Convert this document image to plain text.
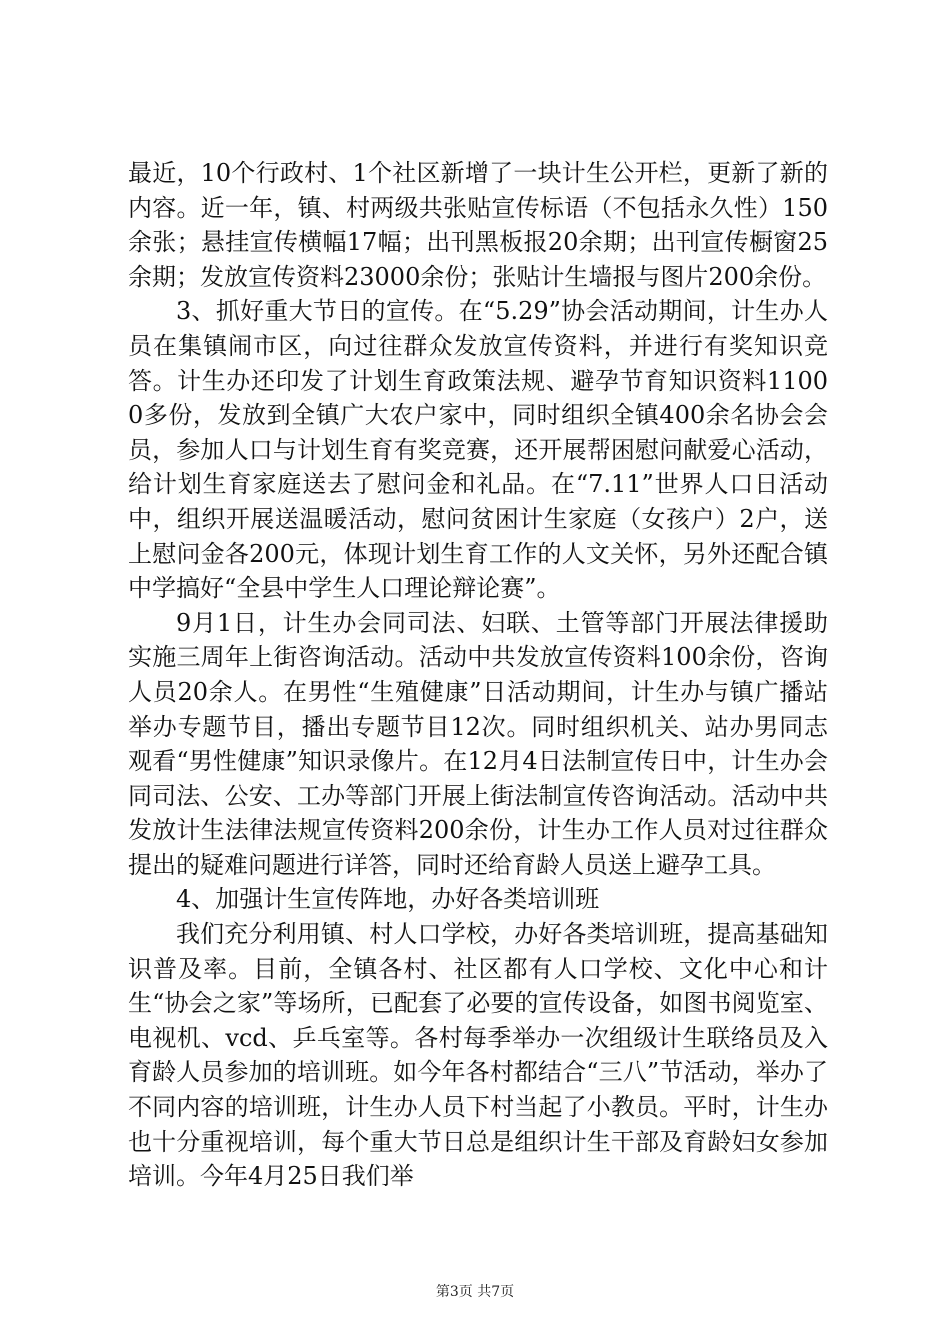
最近，10个行政村、1个社区新增了一块计生公开栏，更新了新的内容。近一年，镇、村两级共张贴宣传标语（不包括永久性）150余张；悬挂宣传横幅17幅；出刊黑板报20余期；出刊宣传橱窗25余期；发放宣传资料23000余份；张贴计生墙报与图片200余份。

3、抓好重大节日的宣传。在“5.29”协会活动期间，计生办人员在集镇闹市区，向过往群众发放宣传资料，并进行有奖知识竞答。计生办还印发了计划生育政策法规、避孕节育知识资料11000多份，发放到全镇广大农户家中，同时组织全镇400余名协会会员，参加人口与计划生育有奖竞赛，还开展帮困慰问献爱心活动，给计划生育家庭送去了慰问金和礼品。在“7.11”世界人口日活动中，组织开展送温暖活动，慰问贫困计生家庭（女孩户）2户，送上慰问金各200元，体现计划生育工作的人文关怀，另外还配合镇中学搞好“全县中学生人口理论辩论赛”。

9月1日，计生办会同司法、妇联、土管等部门开展法律援助实施三周年上街咨询活动。活动中共发放宣传资料100余份，咨询人员20余人。在男性“生殖健康”日活动期间，计生办与镇广播站举办专题节目，播出专题节目12次。同时组织机关、站办男同志观看“男性健康”知识录像片。在12月4日法制宣传日中，计生办会同司法、公安、工办等部门开展上街法制宣传咨询活动。活动中共发放计生法律法规宣传资料200余份，计生办工作人员对过往群众提出的疑难问题进行详答，同时还给育龄人员送上避孕工具。

4、加强计生宣传阵地，办好各类培训班

我们充分利用镇、村人口学校，办好各类培训班，提高基础知识普及率。目前，全镇各村、社区都有人口学校、文化中心和计生“协会之家”等场所，已配套了必要的宣传设备，如图书阅览室、电视机、vcd、乒乓室等。各村每季举办一次组级计生联络员及入育龄人员参加的培训班。如今年各村都结合“三八”节活动，举办了不同内容的培训班，计生办人员下村当起了小教员。平时，计生办也十分重视培训，每个重大节日总是组织计生干部及育龄妇女参加培训。今年4月25日我们举

第3页 共7页
